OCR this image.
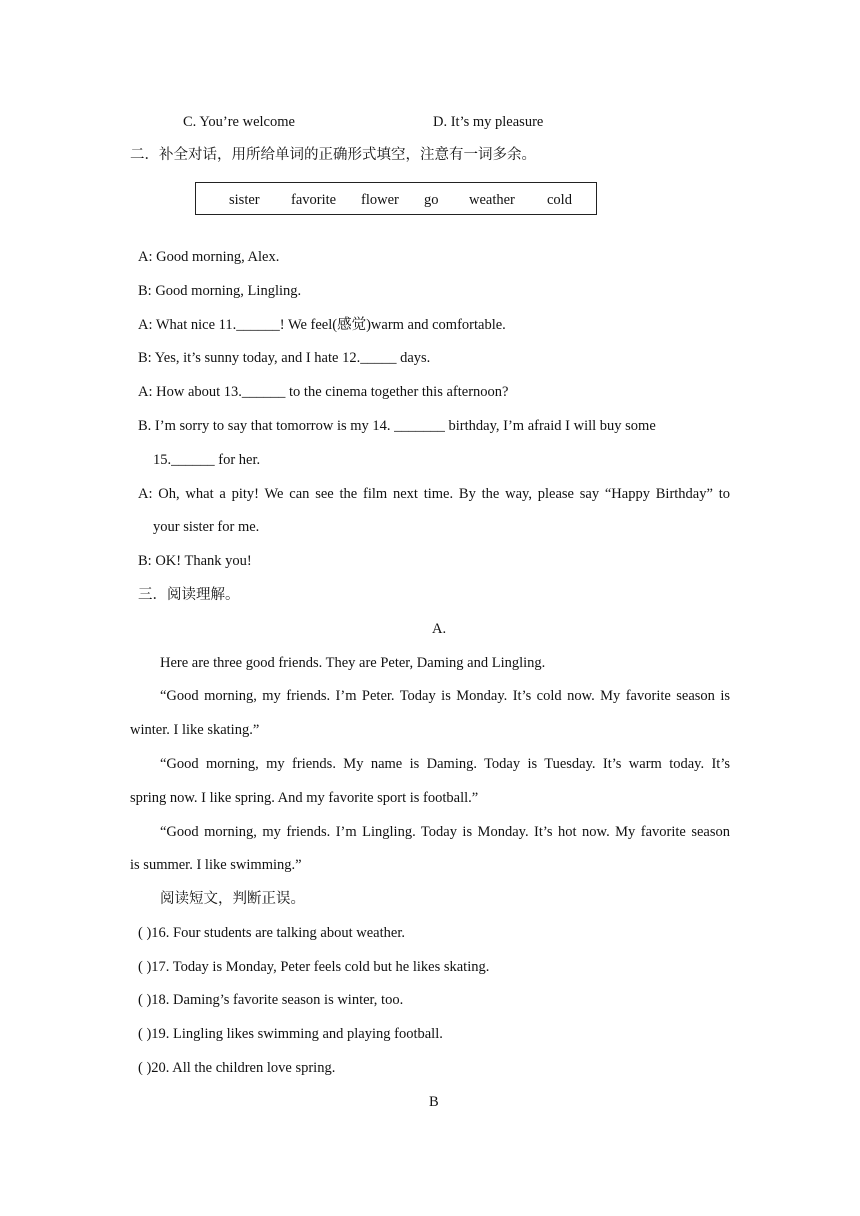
C. You’re welcome	D. It’s my pleasure
二．补全对话，用所给单词的正确形式填空，注意有一词多余。
sister favorite flower go weather cold
A: Good morning, Alex.
B: Good morning, Lingling.
A: What nice 11.______! We feel(感觉)warm and comfortable.
B: Yes, it’s sunny today, and I hate 12._____ days.
A: How about 13.______ to the cinema together this afternoon?
B. I’m sorry to say that tomorrow is my 14. _______ birthday, I’m afraid I will buy some
15.______ for her.
A: Oh, what a pity! We can see the film next time. By the way, please say “Happy Birthday” to
your sister for me.
B: OK! Thank you!
三．阅读理解。
A.
Here are three good friends. They are Peter, Daming and Lingling.
“Good morning, my friends. I’m Peter. Today is Monday. It’s cold now. My favorite season is
winter. I like skating.”
“Good morning, my friends. My name is Daming. Today is Tuesday. It’s warm today. It’s
spring now. I like spring. And my favorite sport is football.”
“Good morning, my friends. I’m Lingling. Today is Monday. It’s hot now. My favorite season
is summer. I like swimming.”
阅读短文，判断正误。
( )16. Four students are talking about weather.
( )17. Today is Monday, Peter feels cold but he likes skating.
( )18. Daming’s favorite season is winter, too.
( )19. Lingling likes swimming and playing football.
( )20. All the children love spring.
B
